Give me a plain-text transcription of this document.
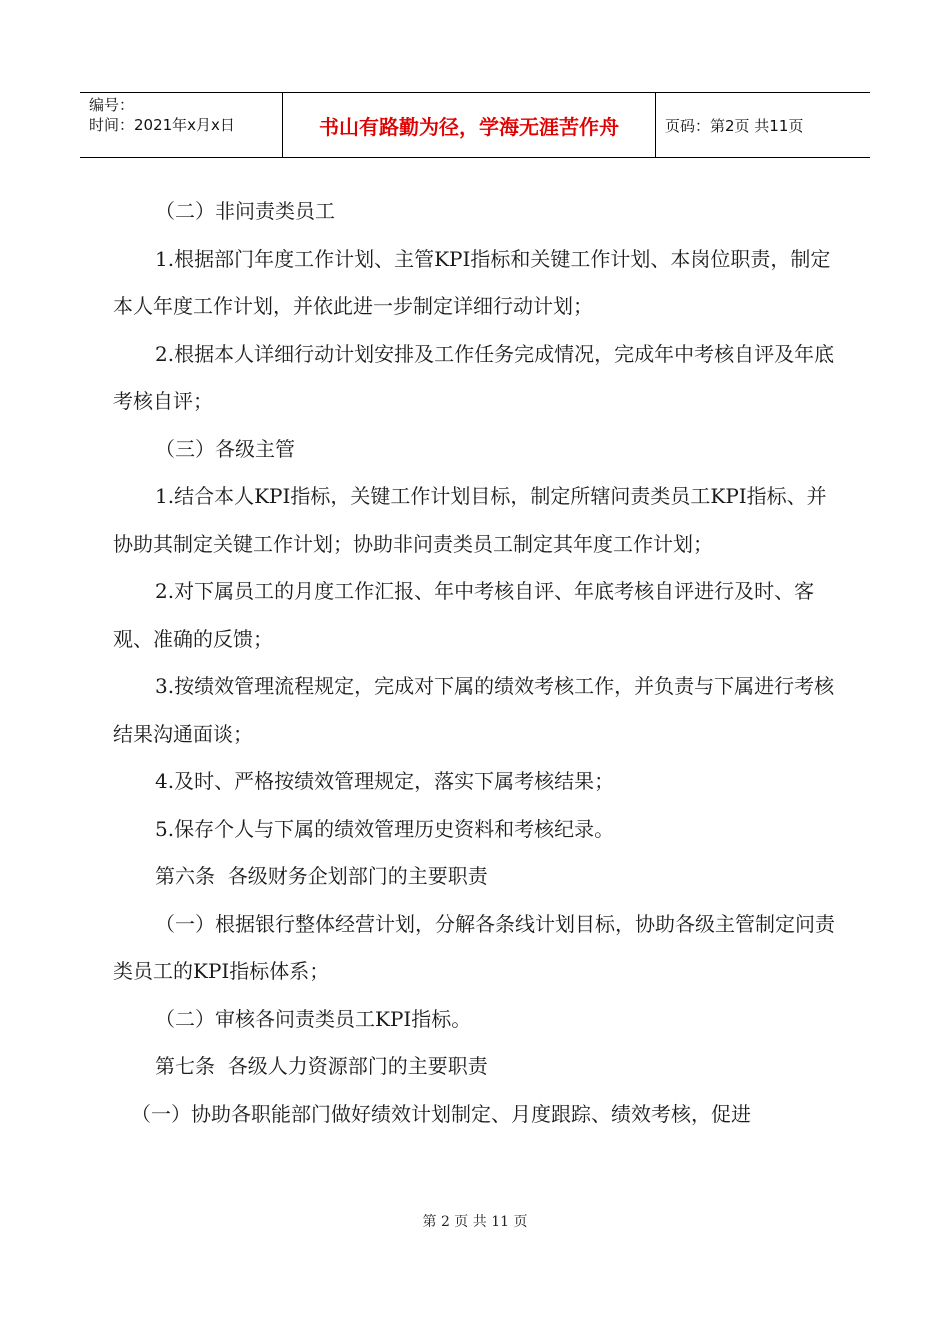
编号：
时间：2021年x月x日	书山有路勤为径，学海无涯苦作舟	页码：第2页 共11页

（二）非问责类员工

1.根据部门年度工作计划、主管KPI指标和关键工作计划、本岗位职责，制定本人年度工作计划，并依此进一步制定详细行动计划；

2.根据本人详细行动计划安排及工作任务完成情况，完成年中考核自评及年底考核自评；

（三）各级主管

1.结合本人KPI指标，关键工作计划目标，制定所辖问责类员工KPI指标、并协助其制定关键工作计划；协助非问责类员工制定其年度工作计划；

2.对下属员工的月度工作汇报、年中考核自评、年底考核自评进行及时、客观、准确的反馈；

3.按绩效管理流程规定，完成对下属的绩效考核工作，并负责与下属进行考核结果沟通面谈；

4.及时、严格按绩效管理规定，落实下属考核结果；

5.保存个人与下属的绩效管理历史资料和考核纪录。

第六条  各级财务企划部门的主要职责

（一）根据银行整体经营计划，分解各条线计划目标，协助各级主管制定问责类员工的KPI指标体系；

（二）审核各问责类员工KPI指标。

第七条  各级人力资源部门的主要职责

（一）协助各职能部门做好绩效计划制定、月度跟踪、绩效考核，促进

第 2 页 共 11 页
